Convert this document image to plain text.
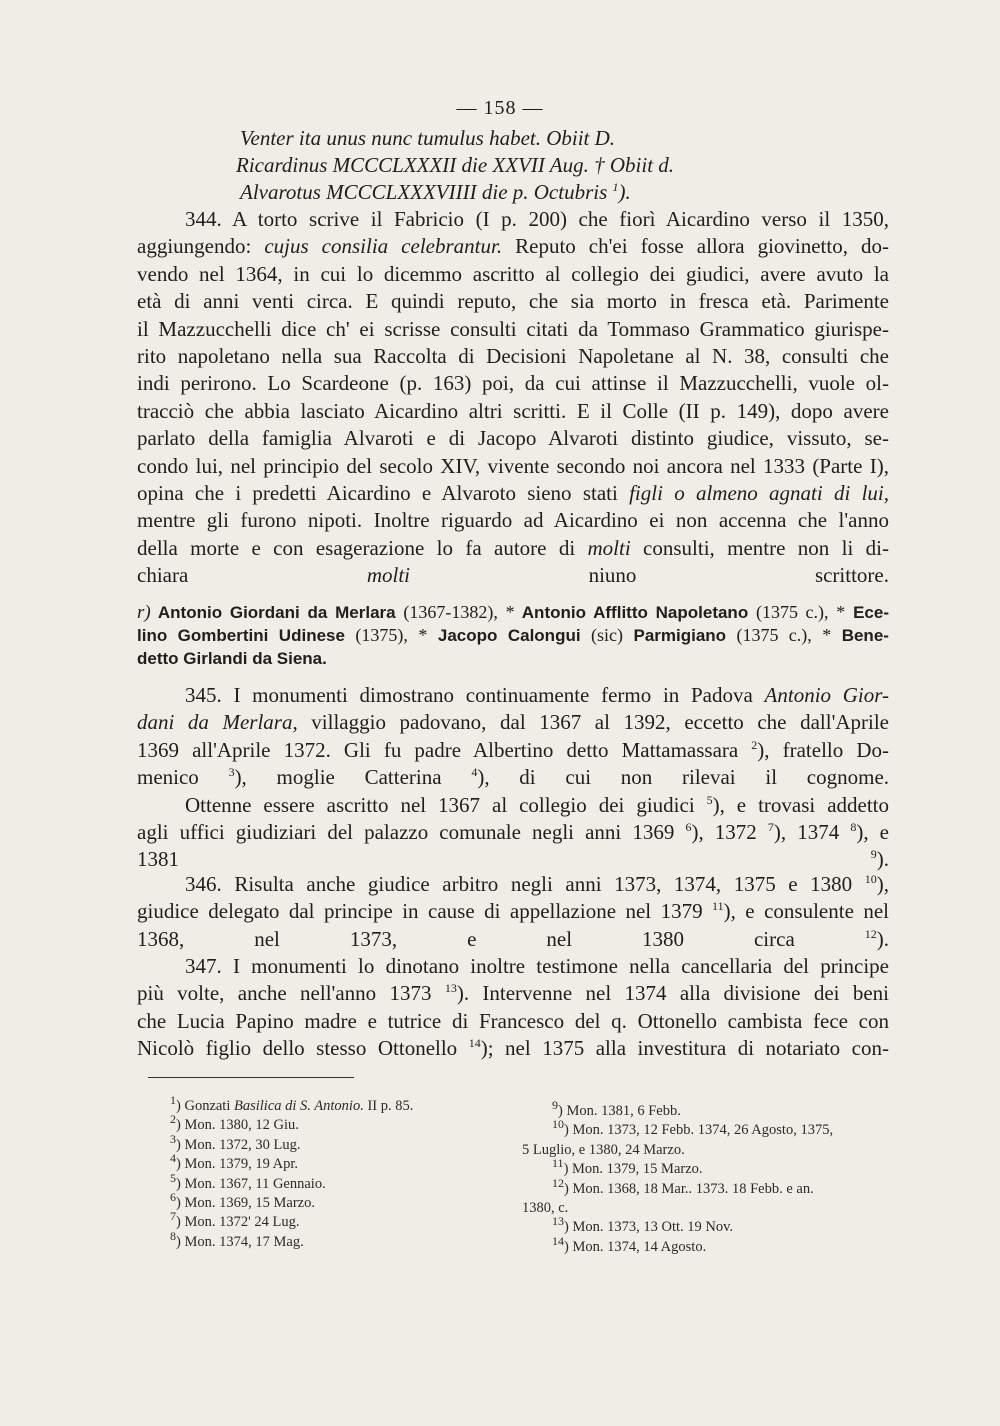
— 158 —
Venter ita unus nunc tumulus habet. Obiit D.
Ricardinus MCCCLXXXII die XXVII Aug. † Obiit d.
Alvarotus MCCCLXXXVIIII die p. Octubris $^1$).
344. A torto scrive il Fabricio (I p. 200) che fiorì Aicardino verso il 1350,
aggiungendo: cujus consilia celebrantur. Reputo ch'ei fosse allora giovinetto, do-
vendo nel 1364, in cui lo dicemmo ascritto al collegio dei giudici, avere avuto la
età di anni venti circa. E quindi reputo, che sia morto in fresca età. Parimente
il Mazzucchelli dice ch' ei scrisse consulti citati da Tommaso Grammatico giurispe-
rito napoletano nella sua Raccolta di Decisioni Napoletane al N. 38, consulti che
indi perirono. Lo Scardeone (p. 163) poi, da cui attinse il Mazzucchelli, vuole ol-
tracciò che abbia lasciato Aicardino altri scritti. E il Colle (II p. 149), dopo avere
parlato della famiglia Alvaroti e di Jacopo Alvaroti distinto giudice, vissuto, se-
condo lui, nel principio del secolo XIV, vivente secondo noi ancora nel 1333 (Parte I),
opina che i predetti Aicardino e Alvaroto sieno stati figli o almeno agnati di lui,
mentre gli furono nipoti. Inoltre riguardo ad Aicardino ei non accenna che l'anno
della morte e con esagerazione lo fa autore di molti consulti, mentre non li di-
chiara molti niuno scrittore.
r) Antonio Giordani da Merlara (1367-1382), * Antonio Afflitto Napoletano (1375 c.), * Ece-
lino Gombertini Udinese (1375), * Jacopo Calongui (sic) Parmigiano (1375 c.), * Bene-
detto Girlandi da Siena.
345. I monumenti dimostrano continuamente fermo in Padova Antonio Gior-
dani da Merlara, villaggio padovano, dal 1367 al 1392, eccetto che dall'Aprile
1369 all'Aprile 1372. Gli fu padre Albertino detto Mattamassara $^2$), fratello Do-
menico $^3$), moglie Catterina $^4$), di cui non rilevai il cognome.
Ottenne essere ascritto nel 1367 al collegio dei giudici $^5$), e trovasi addetto
agli uffici giudiziari del palazzo comunale negli anni 1369 $^6$), 1372 $^7$), 1374 $^8$), e
1381	$^9$).
346. Risulta anche giudice arbitro negli anni 1373, 1374, 1375 e 1380 $^{10}$),
giudice delegato dal principe in cause di appellazione nel 1379 $^{11}$), e consulente nel
1368, nel 1373, e nel 1380 circa	$^{12}$).
347. I monumenti lo dinotano inoltre testimone nella cancellaria del principe
più volte, anche nell'anno 1373 $^{13}$). Intervenne nel 1374 alla divisione dei beni
che Lucia Papino madre e tutrice di Francesco del q. Ottonello cambista fece con
Nicolò figlio dello stesso Ottonello $^{14}$); nel 1375 alla investitura di notariato con-
$^1$) Gonzati Basilica di S. Antonio. II p. 85.
$^2$) Mon. 1380, 12 Giu.
$^3$) Mon. 1372, 30 Lug.
$^4$) Mon. 1379, 19 Apr.
$^5$) Mon. 1367, 11 Gennaio.
$^6$) Mon. 1369, 15 Marzo.
$^7$) Mon. 1372' 24 Lug.
$^8$) Mon. 1374, 17 Mag.
$^9$) Mon. 1381, 6 Febb.
$^{10}$) Mon. 1373, 12 Febb. 1374, 26 Agosto, 1375,
5 Luglio, e 1380, 24 Marzo.
$^{11}$) Mon. 1379, 15 Marzo.
$^{12}$) Mon. 1368, 18 Mar.. 1373. 18 Febb. e an.
1380, c.
$^{13}$) Mon. 1373, 13 Ott. 19 Nov.
$^{14}$) Mon. 1374, 14 Agosto.
